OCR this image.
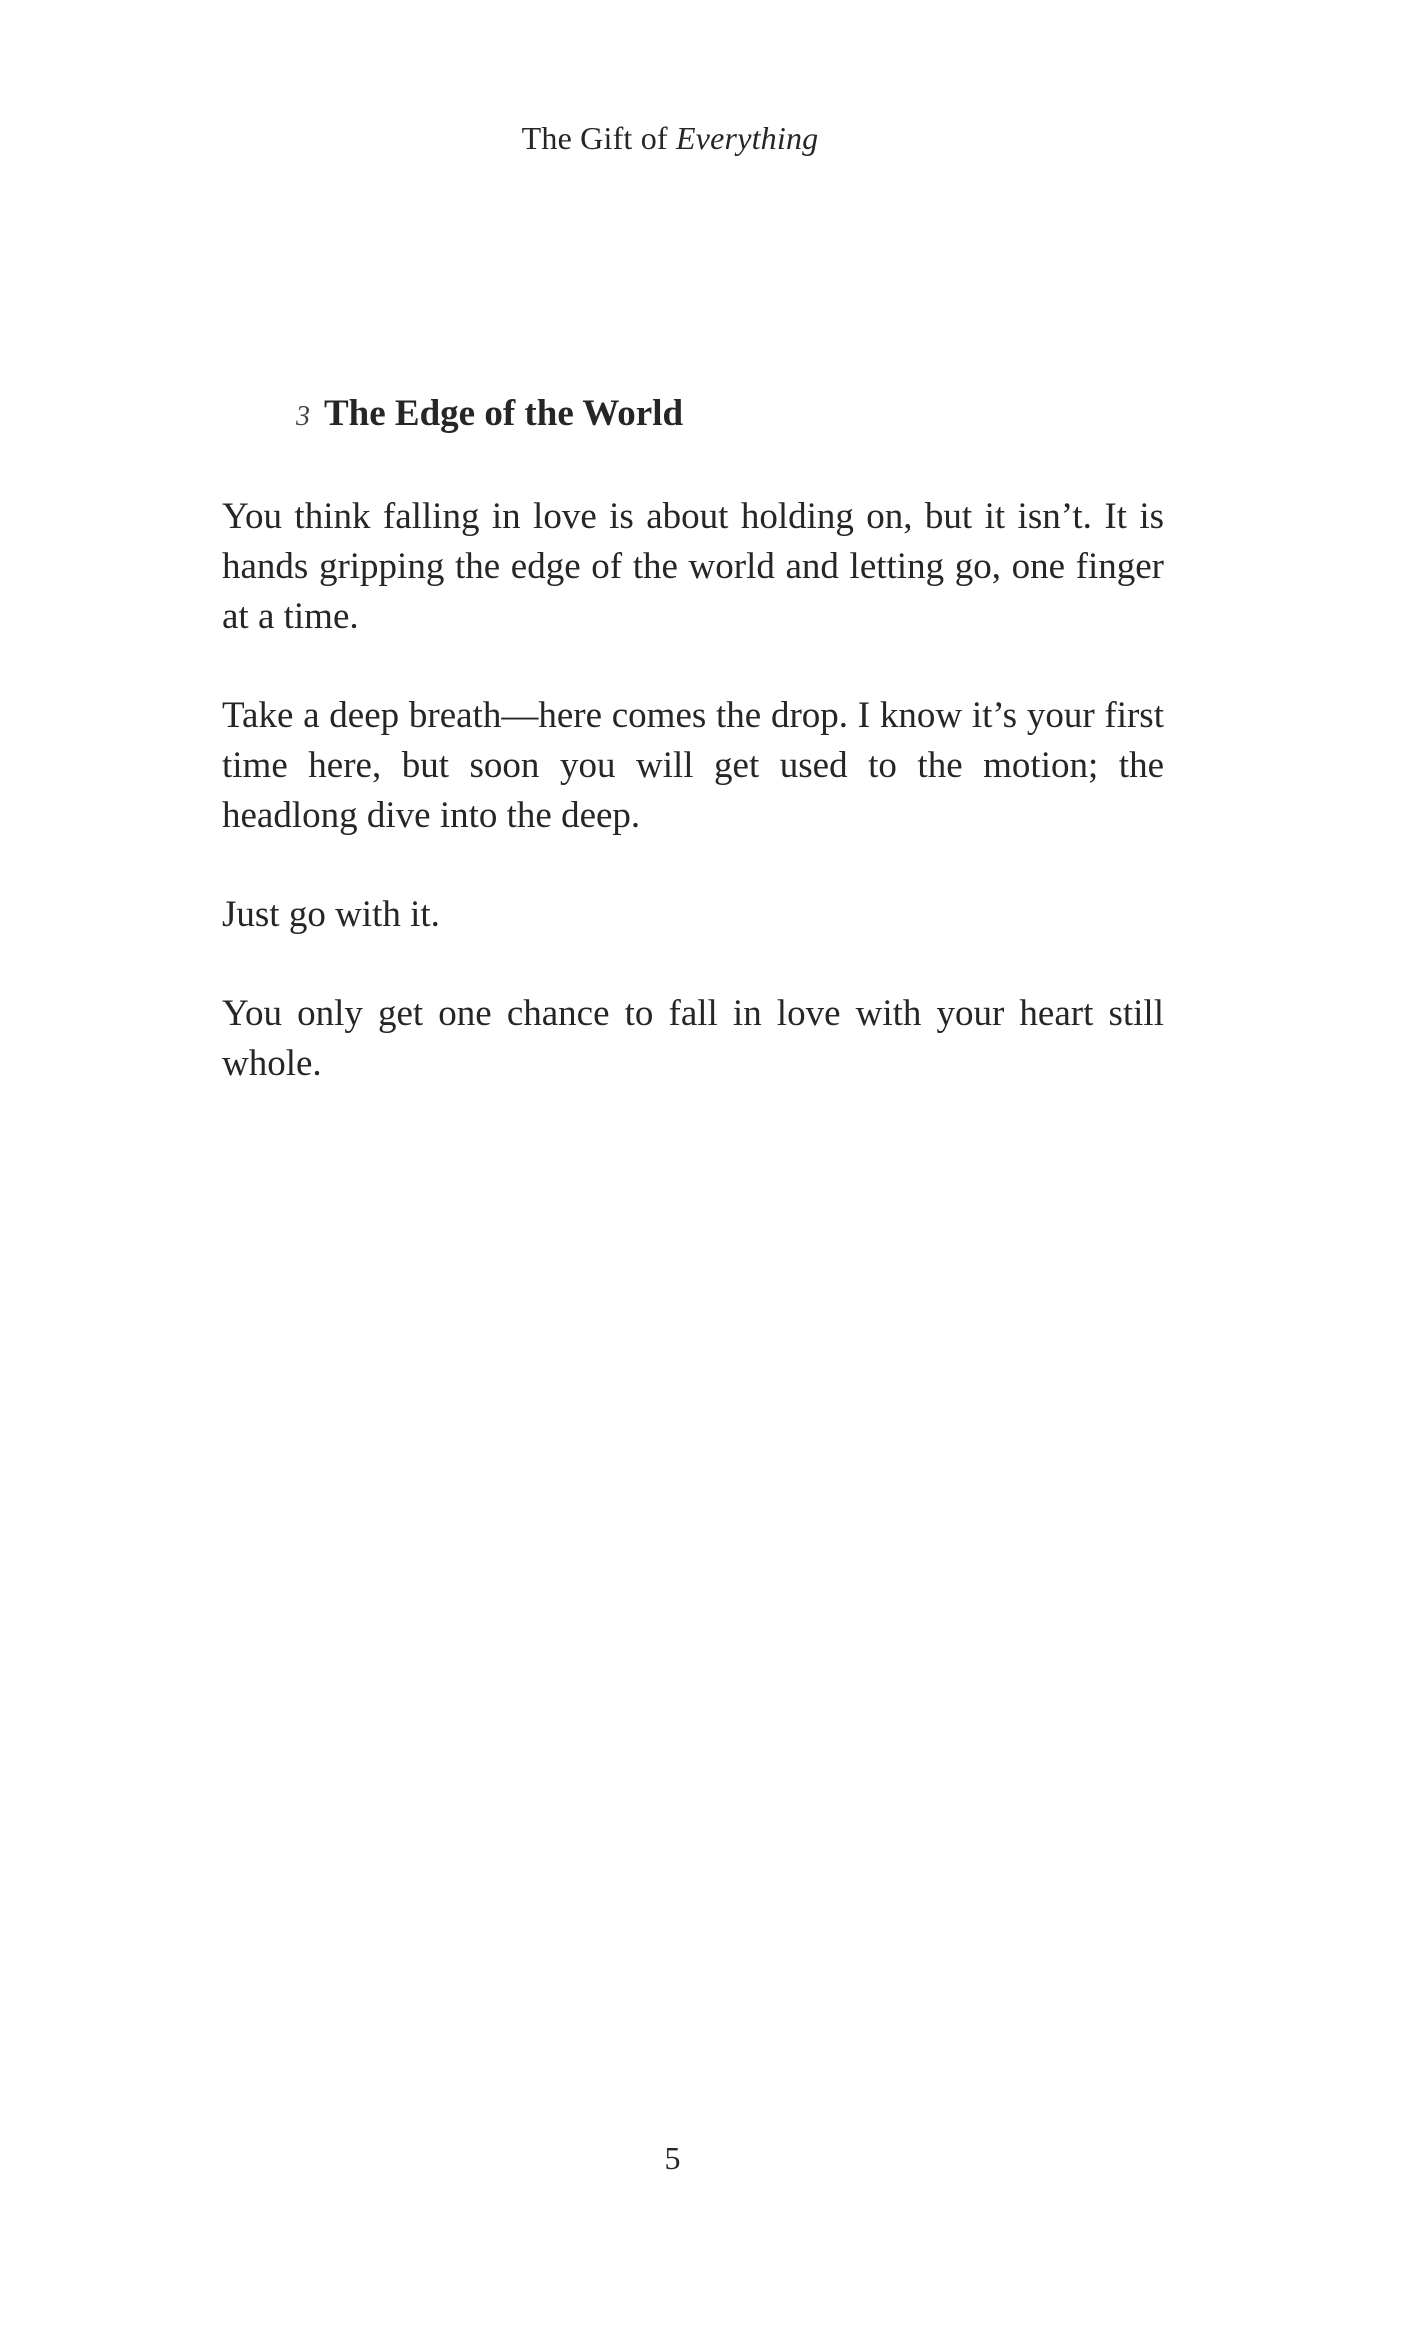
The Gift of Everything
3 The Edge of the World

You think falling in love is about holding on, but it isn’t. It is hands gripping the edge of the world and letting go, one finger at a time.

Take a deep breath—here comes the drop. I know it’s your first time here, but soon you will get used to the motion; the headlong dive into the deep.

Just go with it.

You only get one chance to fall in love with your heart still whole.

5
